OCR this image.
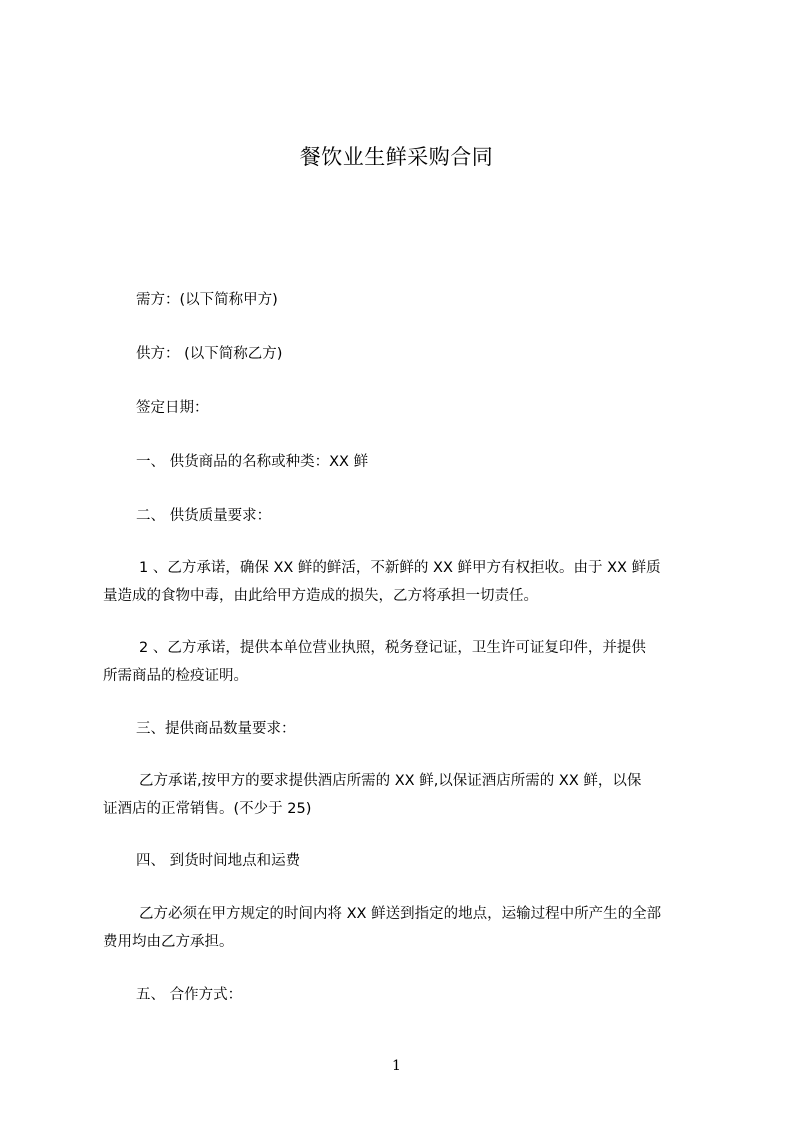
餐饮业生鲜采购合同
需方：(以下简称甲方)
供方： (以下简称乙方)
签定日期：
一、 供货商品的名称或种类：XX 鲜
二、 供货质量要求：
1 、乙方承诺，确保 XX 鲜的鲜活，不新鲜的 XX 鲜甲方有权拒收。由于 XX 鲜质
量造成的食物中毒，由此给甲方造成的损失，乙方将承担一切责任。
2 、乙方承诺，提供本单位营业执照，税务登记证，卫生许可证复印件，并提供
所需商品的检疫证明。
三、提供商品数量要求：
乙方承诺,按甲方的要求提供酒店所需的 XX 鲜,以保证酒店所需的 XX 鲜，以保
证酒店的正常销售。(不少于 25)
四、 到货时间地点和运费
乙方必须在甲方规定的时间内将 XX 鲜送到指定的地点，运输过程中所产生的全部
费用均由乙方承担。
五、 合作方式：
1
